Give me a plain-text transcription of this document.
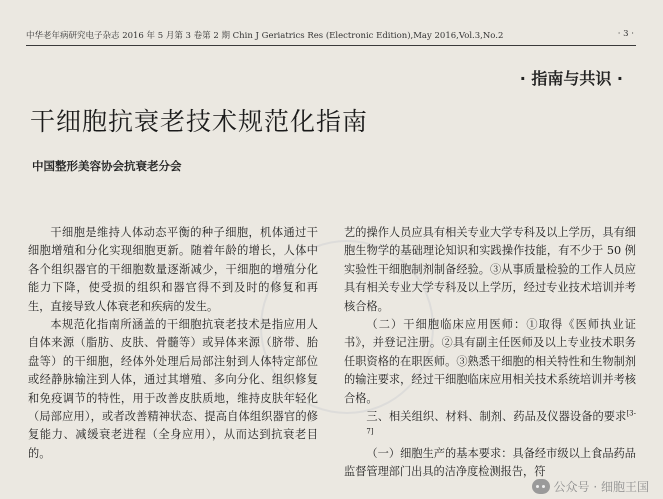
中华老年病研究电子杂志 2016 年 5 月第 3 卷第 2 期 Chin J Geriatrics Res (Electronic Edition),May 2016,Vol.3,No.2	· 3 ·
· 指南与共识 ·
干细胞抗衰老技术规范化指南
中国整形美容协会抗衰老分会

干细胞是维持人体动态平衡的种子细胞，机体通过干细胞增殖和分化实现细胞更新。随着年龄的增长，人体中各个组织器官的干细胞数量逐渐减少，干细胞的增殖分化能力下降，使受损的组织和器官得不到及时的修复和再生，直接导致人体衰老和疾病的发生。

本规范化指南所涵盖的干细胞抗衰老技术是指应用人自体来源（脂肪、皮肤、骨髓等）或异体来源（脐带、胎盘等）的干细胞，经体外处理后局部注射到人体特定部位或经静脉输注到人体，通过其增殖、多向分化、组织修复和免疫调节的特性，用于改善皮肤质地，维持皮肤年轻化（局部应用），或者改善精神状态、提高自体组织器官的修复能力、减缓衰老进程（全身应用），从而达到抗衰老目的。

艺的操作人员应具有相关专业大学专科及以上学历，具有细胞生物学的基础理论知识和实践操作技能，有不少于 50 例实验性干细胞制剂制备经验。③从事质量检验的工作人员应具有相关专业大学专科及以上学历，经过专业技术培训并考核合格。

（二）干细胞临床应用医师：①取得《医师执业证书》，并登记注册。②具有副主任医师及以上专业技术职务任职资格的在职医师。③熟悉干细胞的相关特性和生物制剂的输注要求，经过干细胞临床应用相关技术系统培训并考核合格。

三、相关组织、材料、制剂、药品及仪器设备的要求[3-7]

（一）细胞生产的基本要求：具备经市级以上食品药品监督管理部门出具的洁净度检测报告，符

公众号 · 细胞王国
